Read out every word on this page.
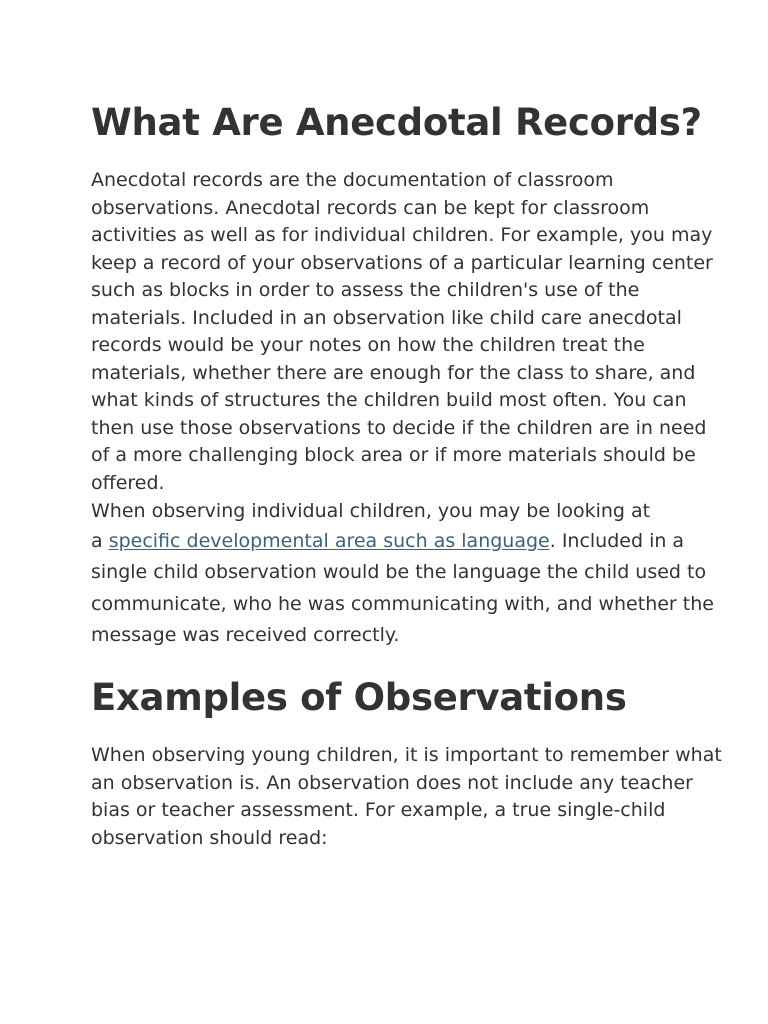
What Are Anecdotal Records?
Anecdotal records are the documentation of classroom
observations. Anecdotal records can be kept for classroom
activities as well as for individual children. For example, you may
keep a record of your observations of a particular learning center
such as blocks in order to assess the children's use of the
materials. Included in an observation like child care anecdotal
records would be your notes on how the children treat the
materials, whether there are enough for the class to share, and
what kinds of structures the children build most often. You can
then use those observations to decide if the children are in need
of a more challenging block area or if more materials should be
offered.
When observing individual children, you may be looking at
a specific developmental area such as language. Included in a
single child observation would be the language the child used to
communicate, who he was communicating with, and whether the
message was received correctly.
Examples of Observations
When observing young children, it is important to remember what
an observation is. An observation does not include any teacher
bias or teacher assessment. For example, a true single-child
observation should read:
